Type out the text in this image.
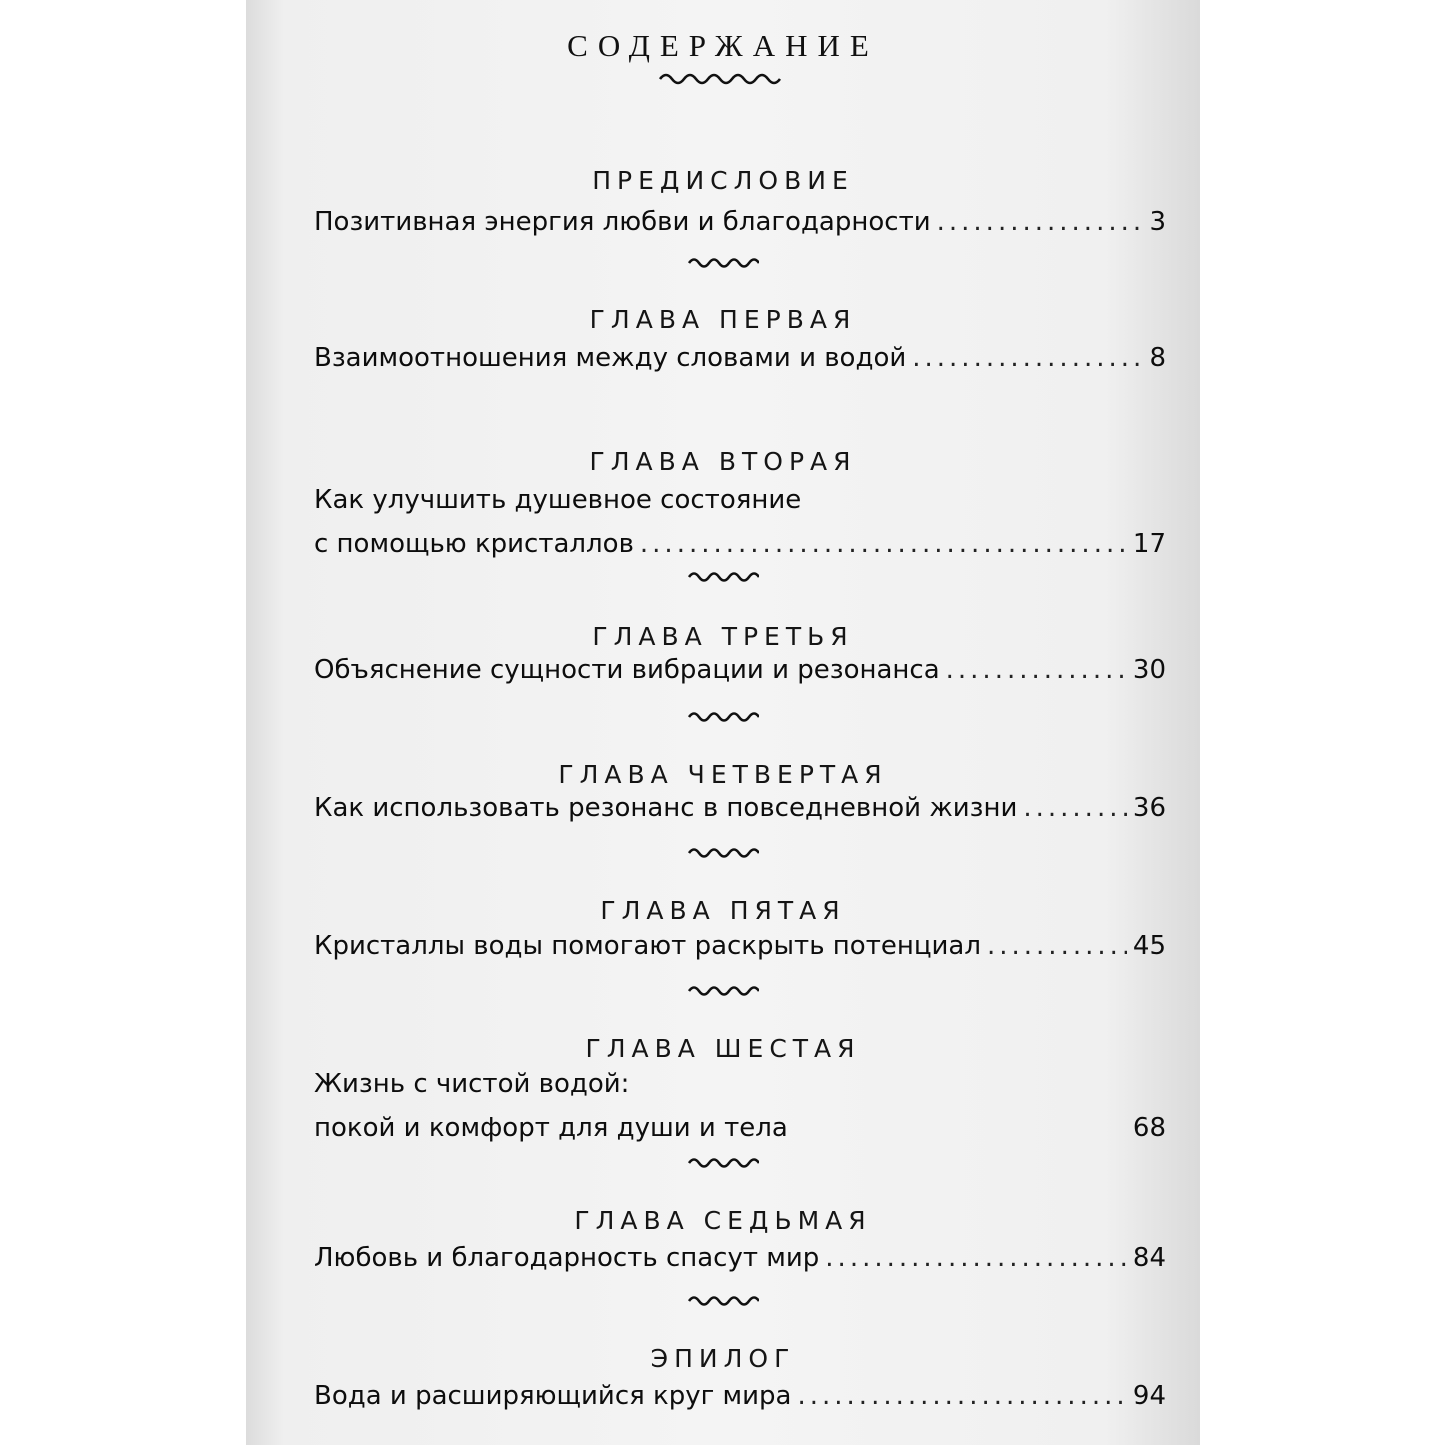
СОДЕРЖАНИЕ
ПРЕДИСЛОВИЕ
Позитивная энергия любви и благодарности .....	3
ГЛАВА ПЕРВАЯ
Взаимоотношения между словами и водой .....	8
ГЛАВА ВТОРАЯ
Как улучшить душевное состояние
с помощью кристаллов .....	17
ГЛАВА ТРЕТЬЯ
Объяснение сущности вибрации и резонанса .....	30
ГЛАВА ЧЕТВЕРТАЯ
Как использовать резонанс в повседневной жизни .....	36
ГЛАВА ПЯТАЯ
Кристаллы воды помогают раскрыть потенциал .....	45
ГЛАВА ШЕСТАЯ
Жизнь с чистой водой:
покой и комфорт для души и тела	68
ГЛАВА СЕДЬМАЯ
Любовь и благодарность спасут мир .....	84
ЭПИЛОГ
Вода и расширяющийся круг мира .....	94
